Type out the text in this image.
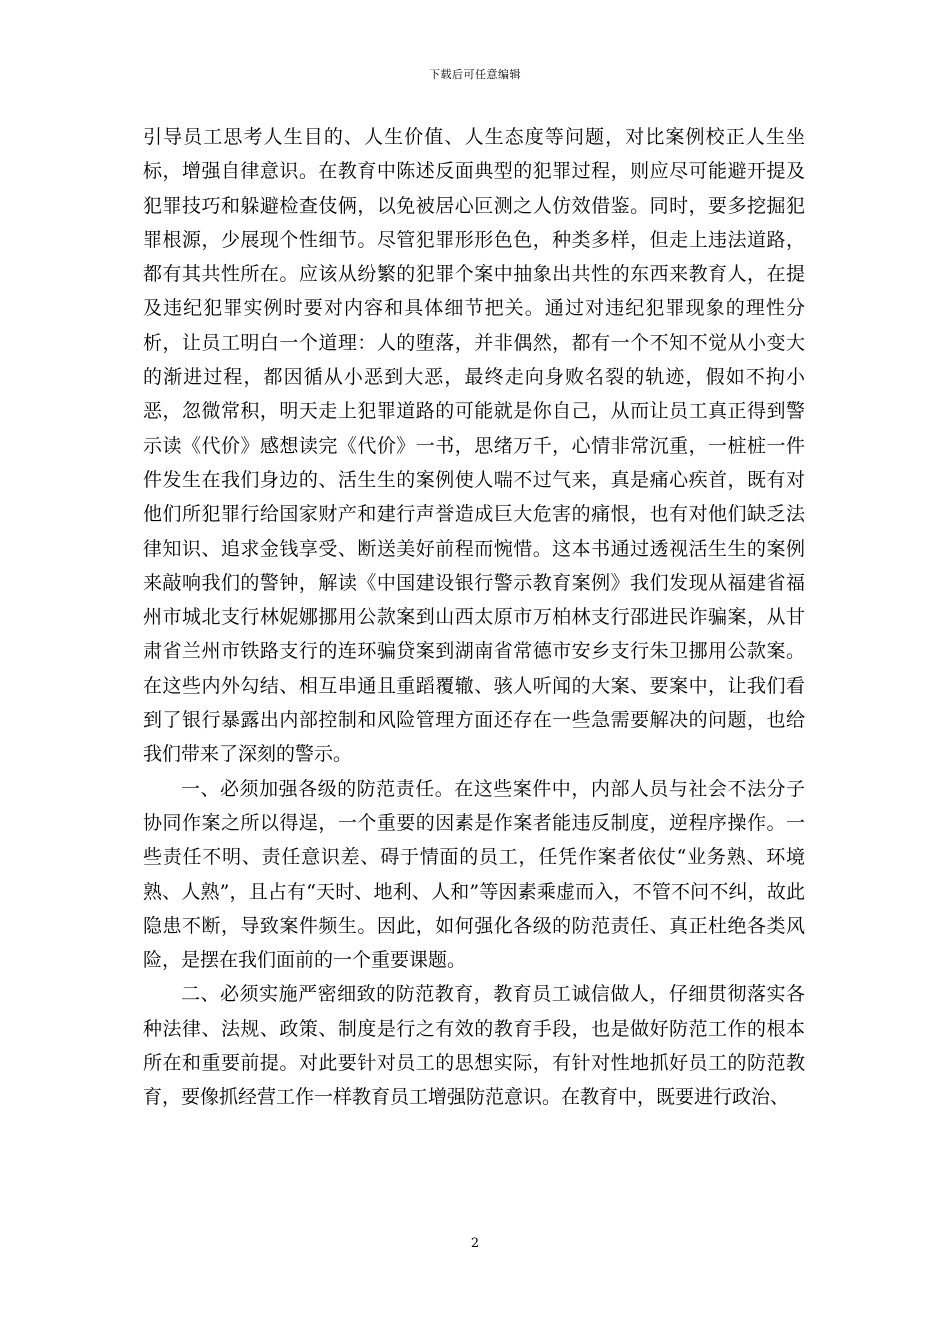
下载后可任意编辑

引导员工思考人生目的、人生价值、人生态度等问题，对比案例校正人生坐标，增强自律意识。在教育中陈述反面典型的犯罪过程，则应尽可能避开提及犯罪技巧和躲避检查伎俩，以免被居心叵测之人仿效借鉴。同时，要多挖掘犯罪根源，少展现个性细节。尽管犯罪形形色色，种类多样，但走上违法道路，都有其共性所在。应该从纷繁的犯罪个案中抽象出共性的东西来教育人，在提及违纪犯罪实例时要对内容和具体细节把关。通过对违纪犯罪现象的理性分析，让员工明白一个道理：人的堕落，并非偶然，都有一个不知不觉从小变大的渐进过程，都因循从小恶到大恶，最终走向身败名裂的轨迹，假如不拘小恶，忽微常积，明天走上犯罪道路的可能就是你自己，从而让员工真正得到警示读《代价》感想读完《代价》一书，思绪万千，心情非常沉重，一桩桩一件件发生在我们身边的、活生生的案例使人喘不过气来，真是痛心疾首，既有对他们所犯罪行给国家财产和建行声誉造成巨大危害的痛恨，也有对他们缺乏法律知识、追求金钱享受、断送美好前程而惋惜。这本书通过透视活生生的案例来敲响我们的警钟，解读《中国建设银行警示教育案例》我们发现从福建省福州市城北支行林妮娜挪用公款案到山西太原市万柏林支行邵进民诈骗案，从甘肃省兰州市铁路支行的连环骗贷案到湖南省常德市安乡支行朱卫挪用公款案。在这些内外勾结、相互串通且重蹈覆辙、骇人听闻的大案、要案中，让我们看到了银行暴露出内部控制和风险管理方面还存在一些急需要解决的问题，也给我们带来了深刻的警示。

一、必须加强各级的防范责任。在这些案件中，内部人员与社会不法分子协同作案之所以得逞，一个重要的因素是作案者能违反制度，逆程序操作。一些责任不明、责任意识差、碍于情面的员工，任凭作案者依仗“业务熟、环境熟、人熟”，且占有“天时、地利、人和”等因素乘虚而入，不管不问不纠，故此隐患不断，导致案件频生。因此，如何强化各级的防范责任、真正杜绝各类风险，是摆在我们面前的一个重要课题。

二、必须实施严密细致的防范教育，教育员工诚信做人，仔细贯彻落实各种法律、法规、政策、制度是行之有效的教育手段，也是做好防范工作的根本所在和重要前提。对此要针对员工的思想实际，有针对性地抓好员工的防范教育，要像抓经营工作一样教育员工增强防范意识。在教育中，既要进行政治、

2
